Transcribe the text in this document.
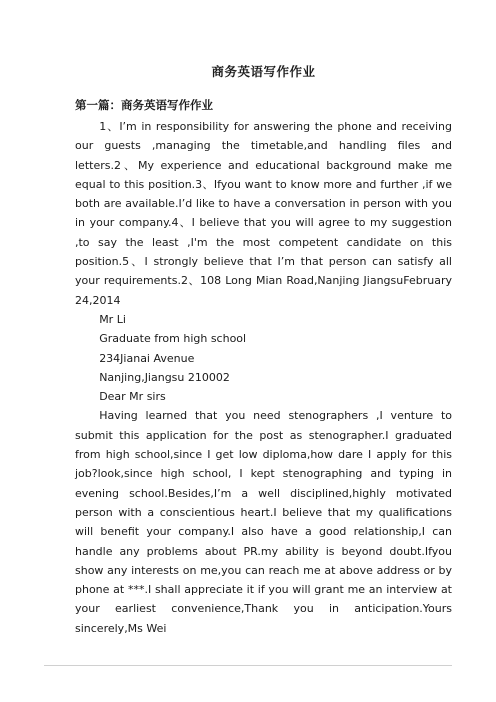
商务英语写作作业
第一篇：商务英语写作作业

1、I’m in responsibility for answering the phone and receiving our guests ,managing the timetable,and handling files and letters.2、My experience and educational background make me equal to this position.3、Ifyou want to know more and further ,if we both are available.I’d like to have a conversation in person with you in your company.4、I believe that you will agree to my suggestion ,to say the least ,I'm the most competent candidate on this position.5、I strongly believe that I’m that person can satisfy all your requirements.2、108 Long Mian Road,Nanjing JiangsuFebruary 24,2014

Mr Li

Graduate from high school

234Jianai Avenue

Nanjing,Jiangsu 210002

Dear Mr sirs

Having learned that you need stenographers ,I venture to submit this application for the post as stenographer.I graduated from high school,since I get low diploma,how dare I apply for this job?look,since high school, I kept stenographing and typing in evening school.Besides,I’m a well disciplined,highly motivated person with a conscientious heart.I believe that my qualifications will benefit your company.I also have a good relationship,I can handle any problems about PR.my ability is beyond doubt.Ifyou show any interests on me,you can reach me at above address or by phone at ***.I shall appreciate it if you will grant me an interview at your earliest convenience,Thank you in anticipation.Yours sincerely,Ms Wei
